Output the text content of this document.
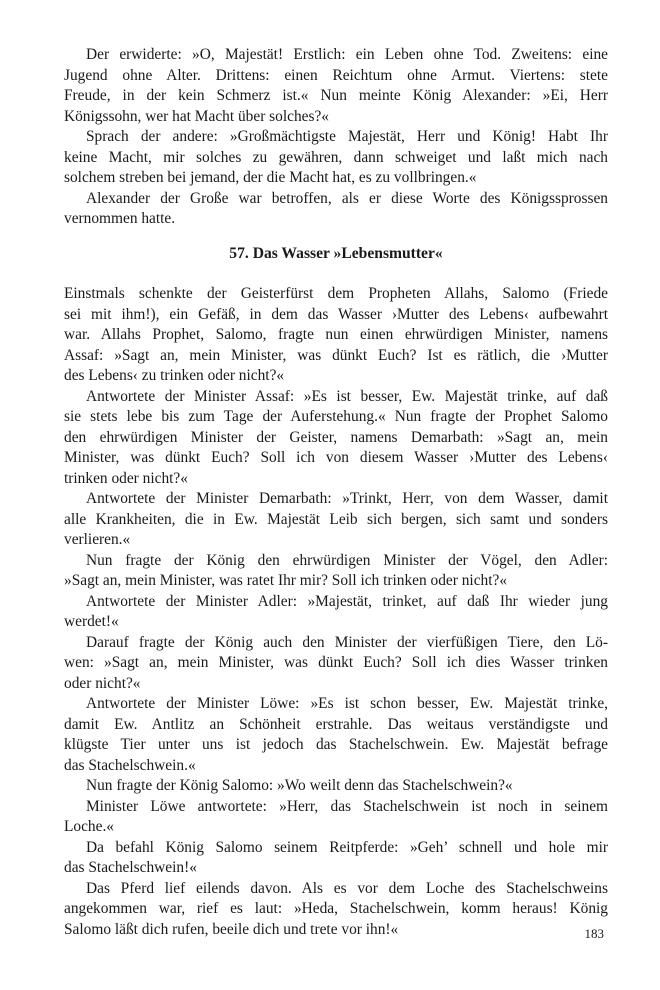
Der erwiderte: »O, Majestät! Erstlich: ein Leben ohne Tod. Zweitens: eine
Jugend ohne Alter. Drittens: einen Reichtum ohne Armut. Viertens: stete
Freude, in der kein Schmerz ist.« Nun meinte König Alexander: »Ei, Herr
Königssohn, wer hat Macht über solches?«
Sprach der andere: »Großmächtigste Majestät, Herr und König! Habt Ihr
keine Macht, mir solches zu gewähren, dann schweiget und laßt mich nach
solchem streben bei jemand, der die Macht hat, es zu vollbringen.«
Alexander der Große war betroffen, als er diese Worte des Königssprossen
vernommen hatte.
57. Das Wasser »Lebensmutter«
Einstmals schenkte der Geisterfürst dem Propheten Allahs, Salomo (Friede
sei mit ihm!), ein Gefäß, in dem das Wasser ›Mutter des Lebens‹ aufbewahrt
war. Allahs Prophet, Salomo, fragte nun einen ehrwürdigen Minister, namens
Assaf: »Sagt an, mein Minister, was dünkt Euch? Ist es rätlich, die ›Mutter
des Lebens‹ zu trinken oder nicht?«
Antwortete der Minister Assaf: »Es ist besser, Ew. Majestät trinke, auf daß
sie stets lebe bis zum Tage der Auferstehung.« Nun fragte der Prophet Salomo
den ehrwürdigen Minister der Geister, namens Demarbath: »Sagt an, mein
Minister, was dünkt Euch? Soll ich von diesem Wasser ›Mutter des Lebens‹
trinken oder nicht?«
Antwortete der Minister Demarbath: »Trinkt, Herr, von dem Wasser, damit
alle Krankheiten, die in Ew. Majestät Leib sich bergen, sich samt und sonders
verlieren.«
Nun fragte der König den ehrwürdigen Minister der Vögel, den Adler:
»Sagt an, mein Minister, was ratet Ihr mir? Soll ich trinken oder nicht?«
Antwortete der Minister Adler: »Majestät, trinket, auf daß Ihr wieder jung
werdet!«
Darauf fragte der König auch den Minister der vierfüßigen Tiere, den Lö-
wen: »Sagt an, mein Minister, was dünkt Euch? Soll ich dies Wasser trinken
oder nicht?«
Antwortete der Minister Löwe: »Es ist schon besser, Ew. Majestät trinke,
damit Ew. Antlitz an Schönheit erstrahle. Das weitaus verständigste und
klügste Tier unter uns ist jedoch das Stachelschwein. Ew. Majestät befrage
das Stachelschwein.«
Nun fragte der König Salomo: »Wo weilt denn das Stachelschwein?«
Minister Löwe antwortete: »Herr, das Stachelschwein ist noch in seinem
Loche.«
Da befahl König Salomo seinem Reitpferde: »Geh’ schnell und hole mir
das Stachelschwein!«
Das Pferd lief eilends davon. Als es vor dem Loche des Stachelschweins
angekommen war, rief es laut: »Heda, Stachelschwein, komm heraus! König
Salomo läßt dich rufen, beeile dich und trete vor ihn!«	183
